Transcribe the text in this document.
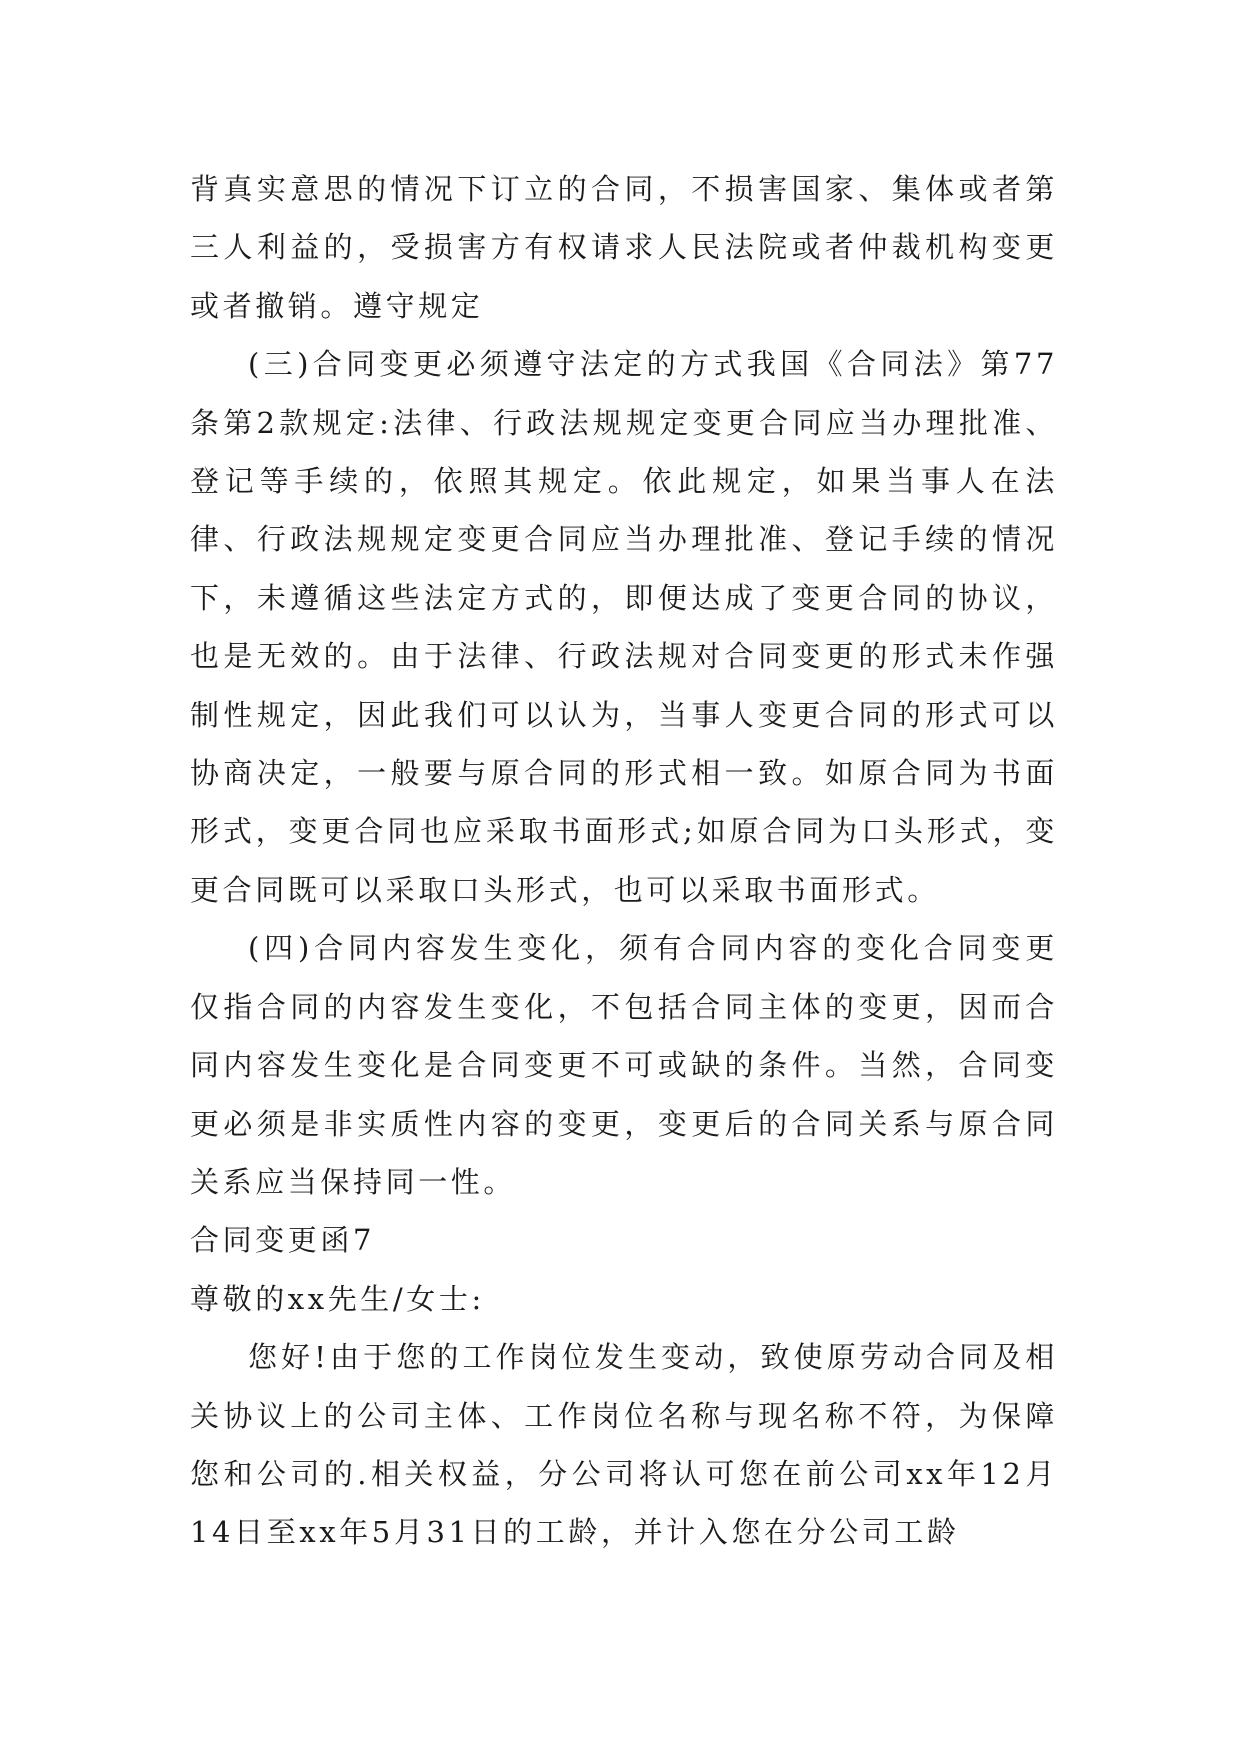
背真实意思的情况下订立的合同，不损害国家、集体或者第三人利益的，受损害方有权请求人民法院或者仲裁机构变更或者撤销。遵守规定

(三)合同变更必须遵守法定的方式我国《合同法》第77条第2款规定:法律、行政法规规定变更合同应当办理批准、登记等手续的，依照其规定。依此规定，如果当事人在法律、行政法规规定变更合同应当办理批准、登记手续的情况下，未遵循这些法定方式的，即便达成了变更合同的协议，也是无效的。由于法律、行政法规对合同变更的形式未作强制性规定，因此我们可以认为，当事人变更合同的形式可以协商决定，一般要与原合同的形式相一致。如原合同为书面形式，变更合同也应采取书面形式;如原合同为口头形式，变更合同既可以采取口头形式，也可以采取书面形式。

(四)合同内容发生变化，须有合同内容的变化合同变更仅指合同的内容发生变化，不包括合同主体的变更，因而合同内容发生变化是合同变更不可或缺的条件。当然，合同变更必须是非实质性内容的变更，变更后的合同关系与原合同关系应当保持同一性。

合同变更函7

尊敬的xx先生/女士:

您好!由于您的工作岗位发生变动，致使原劳动合同及相关协议上的公司主体、工作岗位名称与现名称不符，为保障您和公司的.相关权益，分公司将认可您在前公司xx年12月14日至xx年5月31日的工龄，并计入您在分公司工龄
